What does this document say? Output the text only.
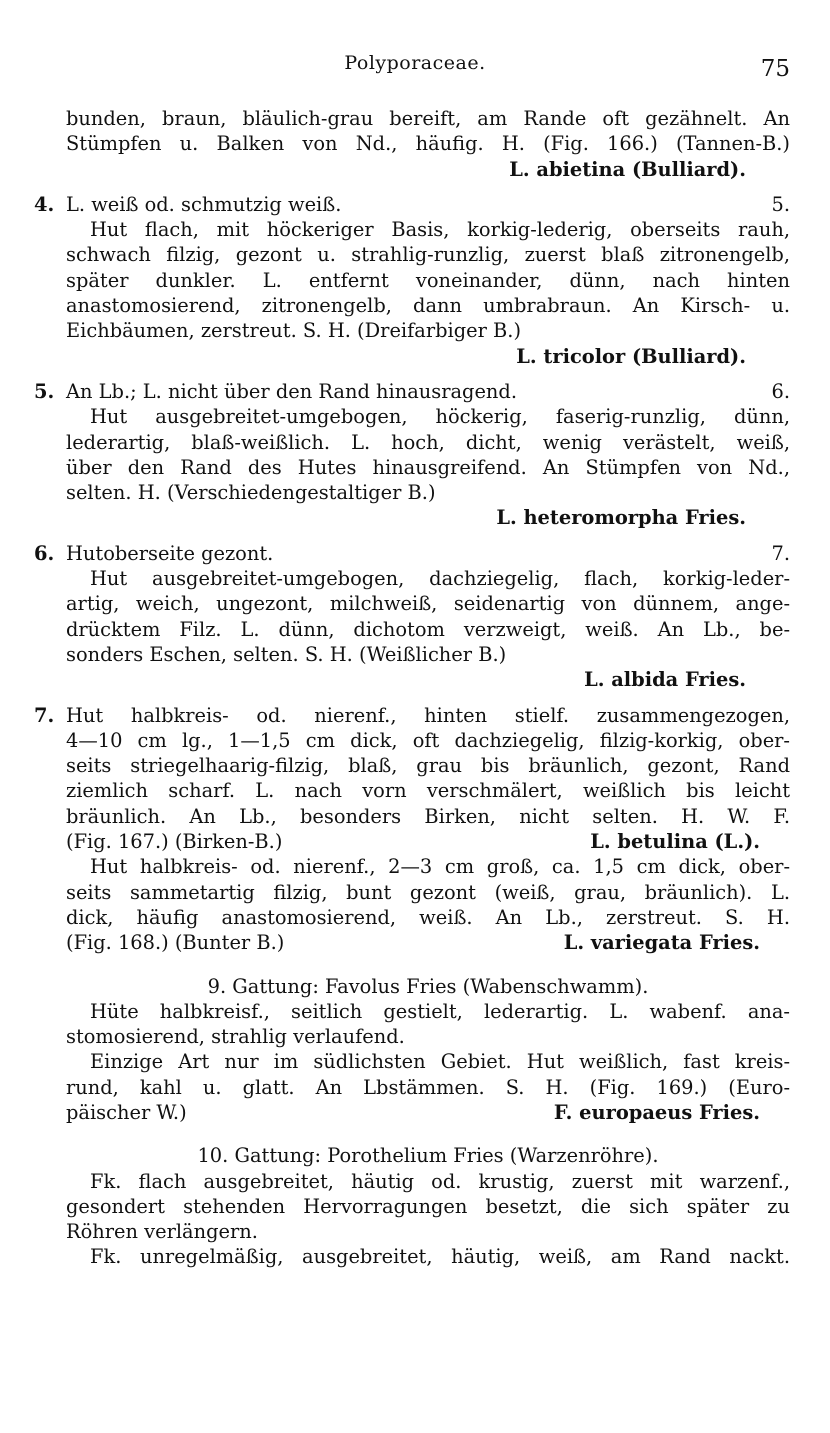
Polyporaceae.	75
bunden, braun, bläulich-grau bereift, am Rande oft gezähnelt. An
Stümpfen u. Balken von Nd., häufig. H. (Fig. 166.) (Tannen-B.)
L. abietina (Bulliard).
4. L. weiß od. schmutzig weiß.	5.
Hut flach, mit höckeriger Basis, korkig-lederig, oberseits rauh,
schwach filzig, gezont u. strahlig-runzlig, zuerst blaß zitronengelb,
später dunkler. L. entfernt voneinander, dünn, nach hinten
anastomosierend, zitronengelb, dann umbrabraun. An Kirsch- u.
Eichbäumen, zerstreut. S. H. (Dreifarbiger B.)
L. tricolor (Bulliard).
5. An Lb.; L. nicht über den Rand hinausragend.	6.
Hut ausgebreitet-umgebogen, höckerig, faserig-runzlig, dünn,
lederartig, blaß-weißlich. L. hoch, dicht, wenig verästelt, weiß,
über den Rand des Hutes hinausgreifend. An Stümpfen von Nd.,
selten. H. (Verschiedengestaltiger B.)
L. heteromorpha Fries.
6. Hutoberseite gezont.	7.
Hut ausgebreitet-umgebogen, dachziegelig, flach, korkig-leder-
artig, weich, ungezont, milchweiß, seidenartig von dünnem, ange-
drücktem Filz. L. dünn, dichotom verzweigt, weiß. An Lb., be-
sonders Eschen, selten. S. H. (Weißlicher B.)
L. albida Fries.
7. Hut halbkreis- od. nierenf., hinten stielf. zusammengezogen,
4—10 cm lg., 1—1,5 cm dick, oft dachziegelig, filzig-korkig, ober-
seits striegelhaarig-filzig, blaß, grau bis bräunlich, gezont, Rand
ziemlich scharf. L. nach vorn verschmälert, weißlich bis leicht
bräunlich. An Lb., besonders Birken, nicht selten. H. W. F.
(Fig. 167.) (Birken-B.)	L. betulina (L.).
Hut halbkreis- od. nierenf., 2—3 cm groß, ca. 1,5 cm dick, ober-
seits sammetartig filzig, bunt gezont (weiß, grau, bräunlich). L.
dick, häufig anastomosierend, weiß. An Lb., zerstreut. S. H.
(Fig. 168.) (Bunter B.)	L. variegata Fries.
9. Gattung: Favolus Fries (Wabenschwamm).
Hüte halbkreisf., seitlich gestielt, lederartig. L. wabenf. ana-
stomosierend, strahlig verlaufend.
Einzige Art nur im südlichsten Gebiet. Hut weißlich, fast kreis-
rund, kahl u. glatt. An Lbstämmen. S. H. (Fig. 169.) (Euro-
päischer W.)	F. europaeus Fries.
10. Gattung: Porothelium Fries (Warzenröhre).
Fk. flach ausgebreitet, häutig od. krustig, zuerst mit warzenf.,
gesondert stehenden Hervorragungen besetzt, die sich später zu
Röhren verlängern.
Fk. unregelmäßig, ausgebreitet, häutig, weiß, am Rand nackt.
